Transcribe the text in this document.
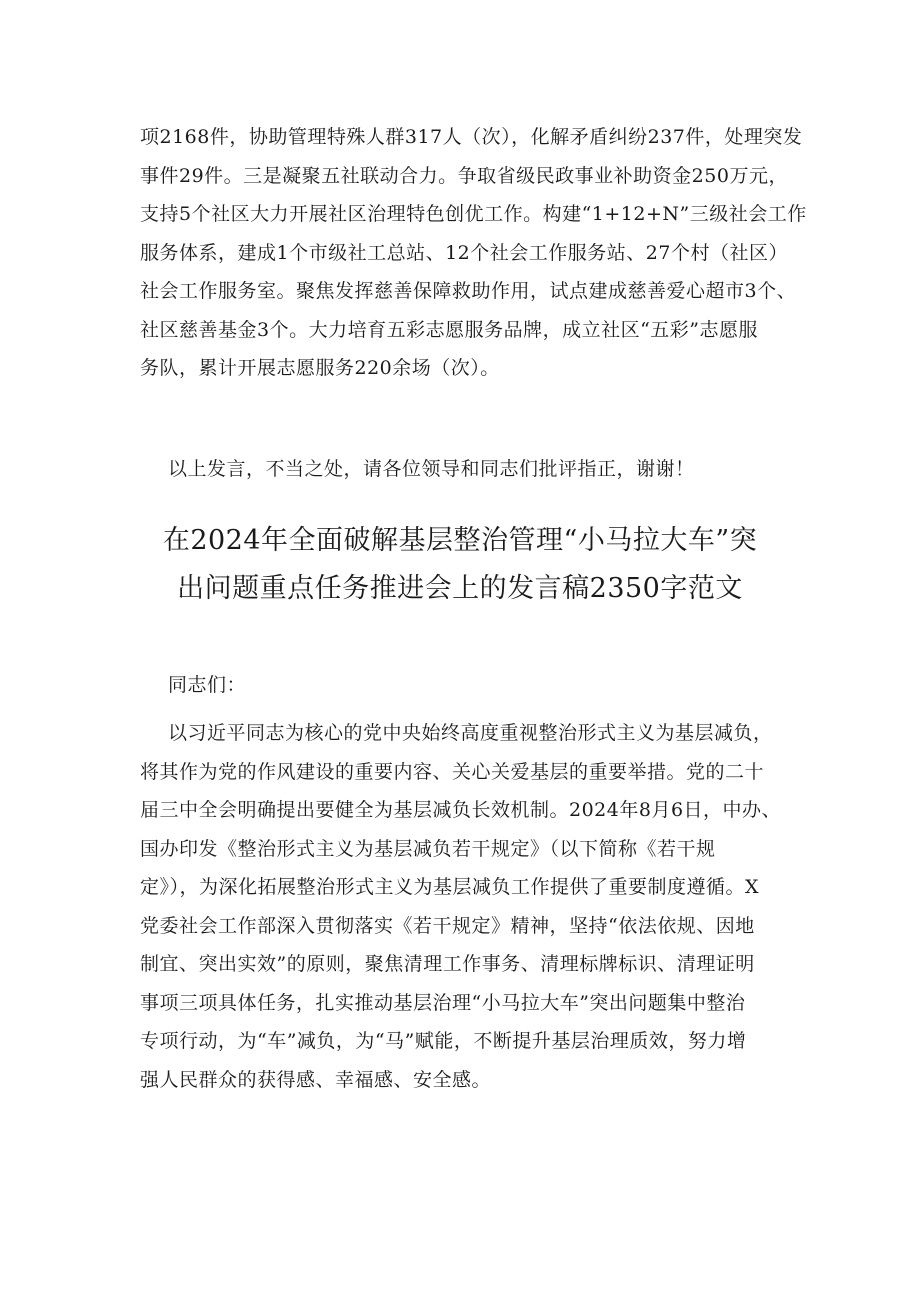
项2168件，协助管理特殊人群317人（次），化解矛盾纠纷237件，处理突发
事件29件。三是凝聚五社联动合力。争取省级民政事业补助资金250万元，
支持5个社区大力开展社区治理特色创优工作。构建“1+12+N”三级社会工作
服务体系，建成1个市级社工总站、12个社会工作服务站、27个村（社区）
社会工作服务室。聚焦发挥慈善保障救助作用，试点建成慈善爱心超市3个、
社区慈善基金3个。大力培育五彩志愿服务品牌，成立社区“五彩”志愿服
务队，累计开展志愿服务220余场（次）。

以上发言，不当之处，请各位领导和同志们批评指正，谢谢！

在2024年全面破解基层整治管理“小马拉大车”突
出问题重点任务推进会上的发言稿2350字范文

同志们：

以习近平同志为核心的党中央始终高度重视整治形式主义为基层减负，
将其作为党的作风建设的重要内容、关心关爱基层的重要举措。党的二十
届三中全会明确提出要健全为基层减负长效机制。2024年8月6日，中办、
国办印发《整治形式主义为基层减负若干规定》（以下简称《若干规
定》），为深化拓展整治形式主义为基层减负工作提供了重要制度遵循。X
党委社会工作部深入贯彻落实《若干规定》精神，坚持“依法依规、因地
制宜、突出实效”的原则，聚焦清理工作事务、清理标牌标识、清理证明
事项三项具体任务，扎实推动基层治理“小马拉大车”突出问题集中整治
专项行动，为“车”减负，为“马”赋能，不断提升基层治理质效，努力增
强人民群众的获得感、幸福感、安全感。
